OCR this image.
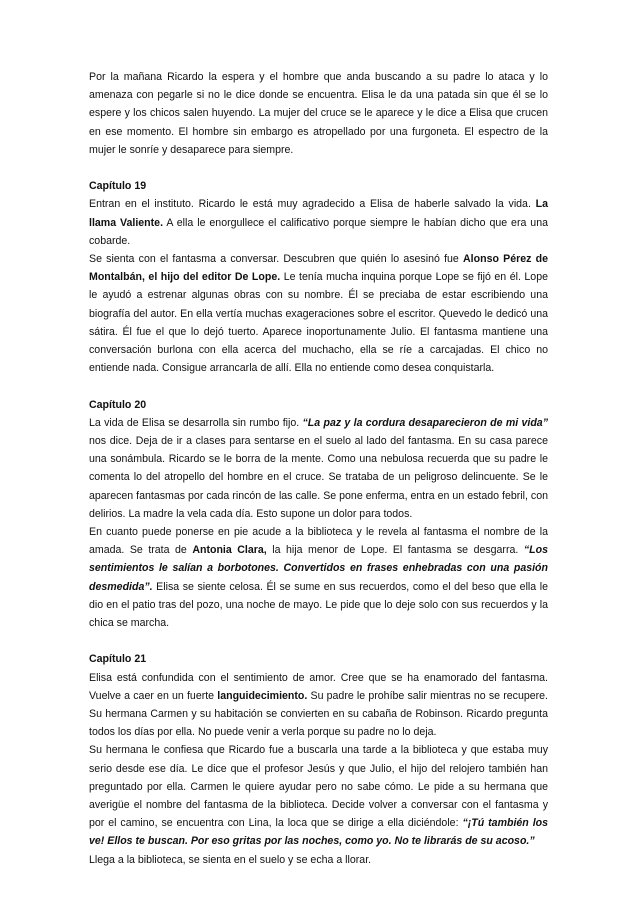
Por la mañana Ricardo la espera y el hombre que anda buscando a su padre lo ataca y lo amenaza con pegarle si no le dice donde se encuentra. Elisa le da una patada sin que él se lo espere y los chicos salen huyendo. La mujer del cruce se le aparece y le dice a Elisa que crucen en ese momento. El hombre sin embargo es atropellado por una furgoneta. El espectro de la mujer le sonríe y desaparece para siempre.

Capítulo 19

Entran en el instituto. Ricardo le está muy agradecido a Elisa de haberle salvado la vida. La llama Valiente. A ella le enorgullece el calificativo porque siempre le habían dicho que era una cobarde.

Se sienta con el fantasma a conversar. Descubren que quién lo asesinó fue Alonso Pérez de Montalbán, el hijo del editor De Lope. Le tenía mucha inquina porque Lope se fijó en él. Lope le ayudó a estrenar algunas obras con su nombre. Él se preciaba de estar escribiendo una biografía del autor. En ella vertía muchas exageraciones sobre el escritor. Quevedo le dedicó una sátira. Él fue el que lo dejó tuerto. Aparece inoportunamente Julio. El fantasma mantiene una conversación burlona con ella acerca del muchacho, ella se ríe a carcajadas. El chico no entiende nada. Consigue arrancarla de allí. Ella no entiende como desea conquistarla.

Capítulo 20

La vida de Elisa se desarrolla sin rumbo fijo. “La paz y la cordura desaparecieron de mi vida” nos dice. Deja de ir a clases para sentarse en el suelo al lado del fantasma. En su casa parece una sonámbula. Ricardo se le borra de la mente. Como una nebulosa recuerda que su padre le comenta lo del atropello del hombre en el cruce. Se trataba de un peligroso delincuente. Se le aparecen fantasmas por cada rincón de las calle. Se pone enferma, entra en un estado febril, con delirios. La madre la vela cada día. Esto supone un dolor para todos.

En cuanto puede ponerse en pie acude a la biblioteca y le revela al fantasma el nombre de la amada. Se trata de Antonia Clara, la hija menor de Lope. El fantasma se desgarra. “Los sentimientos le salían a borbotones. Convertidos en frases enhebradas con una pasión desmedida”. Elisa se siente celosa. Él se sume en sus recuerdos, como el del beso que ella le dio en el patio tras del pozo, una noche de mayo. Le pide que lo deje solo con sus recuerdos y la chica se marcha.

Capítulo 21

Elisa está confundida con el sentimiento de amor. Cree que se ha enamorado del fantasma. Vuelve a caer en un fuerte languidecimiento. Su padre le prohíbe salir mientras no se recupere. Su hermana Carmen y su habitación se convierten en su cabaña de Robinson. Ricardo pregunta todos los días por ella. No puede venir a verla porque su padre no lo deja.

Su hermana le confiesa que Ricardo fue a buscarla una tarde a la biblioteca y que estaba muy serio desde ese día. Le dice que el profesor Jesús y que Julio, el hijo del relojero también han preguntado por ella. Carmen le quiere ayudar pero no sabe cómo. Le pide a su hermana que averigüe el nombre del fantasma de la biblioteca. Decide volver a conversar con el fantasma y por el camino, se encuentra con Lina, la loca que se dirige a ella diciéndole: “¡Tú también los ve! Ellos te buscan. Por eso gritas por las noches, como yo. No te librarás de su acoso.”

Llega a la biblioteca, se sienta en el suelo y se echa a llorar.
